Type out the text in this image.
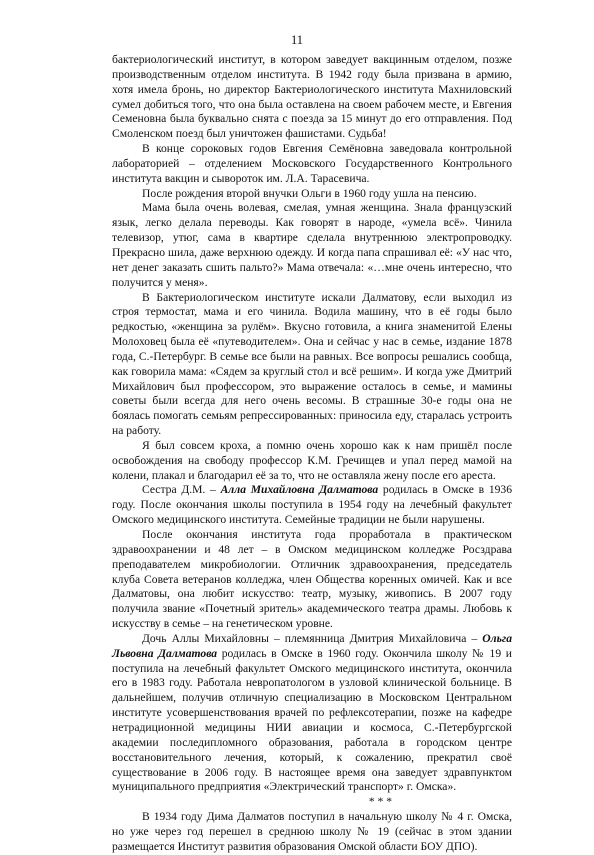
11

бактериологический институт, в котором заведует вакцинным отделом, позже производственным отделом института. В 1942 году была призвана в армию, хотя имела бронь, но директор Бактериологического института Махниловский сумел добиться того, что она была оставлена на своем рабочем месте, и Евгения Семеновна была буквально снята с поезда за 15 минут до его отправления. Под Смоленском поезд был уничтожен фашистами. Судьба!

В конце сороковых годов Евгения Семёновна заведовала контрольной лабораторией – отделением Московского Государственного Контрольного института вакцин и сывороток им. Л.А. Тарасевича.

После рождения второй внучки Ольги в 1960 году ушла на пенсию.

Мама была очень волевая, смелая, умная женщина. Знала французский язык, легко делала переводы. Как говорят в народе, «умела всё». Чинила телевизор, утюг, сама в квартире сделала внутреннюю электропроводку. Прекрасно шила, даже верхнюю одежду. И когда папа спрашивал её: «У нас что, нет денег заказать сшить пальто?» Мама отвечала: «…мне очень интересно, что получится у меня».

В Бактериологическом институте искали Далматову, если выходил из строя термостат, мама и его чинила. Водила машину, что в её годы было редкостью, «женщина за рулём». Вкусно готовила, а книга знаменитой Елены Молоховец была её «путеводителем». Она и сейчас у нас в семье, издание 1878 года, С.-Петербург. В семье все были на равных. Все вопросы решались сообща, как говорила мама: «Сядем за круглый стол и всё решим». И когда уже Дмитрий Михайлович был профессором, это выражение осталось в семье, и мамины советы были всегда для него очень весомы. В страшные 30-е годы она не боялась помогать семьям репрессированных: приносила еду, старалась устроить на работу.

Я был совсем кроха, а помню очень хорошо как к нам пришёл после освобождения на свободу профессор К.М. Гречищев и упал перед мамой на колени, плакал и благодарил её за то, что не оставляла жену после его ареста.

Сестра Д.М. – Алла Михайловна Далматова родилась в Омске в 1936 году. После окончания школы поступила в 1954 году на лечебный факультет Омского медицинского института. Семейные традиции не были нарушены.

После окончания института года проработала в практическом здравоохранении и 48 лет – в Омском медицинском колледже Росздрава преподавателем микробиологии. Отличник здравоохранения, председатель клуба Совета ветеранов колледжа, член Общества коренных омичей. Как и все Далматовы, она любит искусство: театр, музыку, живопись. В 2007 году получила звание «Почетный зритель» академического театра драмы. Любовь к искусству в семье – на генетическом уровне.

Дочь Аллы Михайловны – племянница Дмитрия Михайловича – Ольга Львовна Далматова родилась в Омске в 1960 году. Окончила школу № 19 и поступила на лечебный факультет Омского медицинского института, окончила его в 1983 году. Работала невропатологом в узловой клинической больнице. В дальнейшем, получив отличную специализацию в Московском Центральном институте усовершенствования врачей по рефлексотерапии, позже на кафедре нетрадиционной медицины НИИ авиации и космоса, С.-Петербургской академии последипломного образования, работала в городском центре восстановительного лечения, который, к сожалению, прекратил своё существование в 2006 году. В настоящее время она заведует здравпунктом муниципального предприятия «Электрический транспорт» г. Омска».

* * *

В 1934 году Дима Далматов поступил в начальную школу № 4 г. Омска, но уже через год перешел в среднюю школу № 19 (сейчас в этом здании размещается Институт развития образования Омской области БОУ ДПО).
